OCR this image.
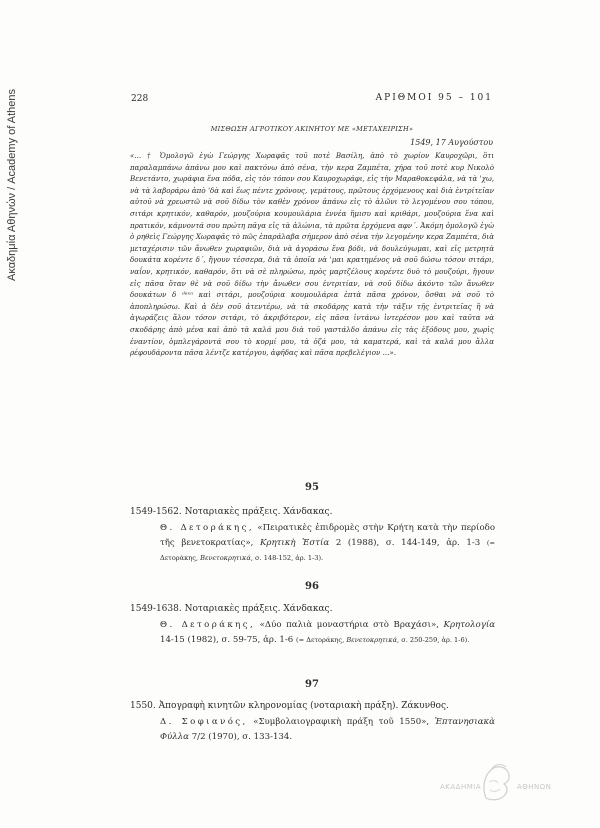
Ακαδημία Αθηνών / Academy of Athens	228	ΑΡΙΘΜΟΙ 95 – 101
ΜΙΣΘΩΣΗ ΑΓΡΟΤΙΚΟΥ ΑΚΙΝΗΤΟΥ ΜΕ «ΜΕΤΑΧΕΙΡΙΣΗ»
1549, 17 Αυγούστου

«... † Ὁμολογῶ ἐγὼ Γεώργης Χωραφᾶς τοῦ ποτὲ Βασίλη, ἀπὸ τὸ χωρίον Καυροχῶρι, ὅτι παραλαμπάνω ἀπάνω μου καὶ πακτόνω ἀπὸ σένα, τὴν κερα Ζαμπέτα, χήρα τοῦ ποτὲ κυρ Νικολὸ Βενετάντο, χωράφια ἕνα πόδα, εἰς τὸν τόπον σου Καυροχωράφι, εἰς τὴν Μαραθοκεφάλα, νὰ τὰ 'χω, νὰ τὰ λαβοράρω ἀπὸ 'δὰ καὶ ἕως πέντε χρόνους, γεμάτους, πρῶτους ἐρχόμενους καὶ διὰ ἐντρίτεῖαν αὐτοῦ νὰ χρεωστῶ νὰ σοῦ δίδω τὸν καθὲν χρόνον ἀπάνω εἰς τὸ ἀλῶνι τὸ λεγομένου σου τόπου, σιτάρι κρητικόν, καθαρόν, μουζούρια κουμουλάρια ἐννέα ἥμισυ καὶ κριθάρι, μουζούρια ἕνα καὶ πρατικόν, κάμνοντά σου πρώτη πᾶγα εἰς τὰ ἀλώνια, τὰ πρῶτα ἐρχόμενα αφν´. Ἀκόμη ὁμολογῶ ἐγὼ ὁ ρηθεὶς Γεώργης Χωραφᾶς τὸ πῶς ἐπαράλαβα σήμερον ἀπὸ σένα τὴν λεγομένην κερα Ζαμπέτα, διὰ μεταχέρισιν τῶν ἄνωθεν χωραφιῶν, διὰ νὰ ἀγοράσω ἕνα βόδι, νὰ δουλεύγωμαι, καὶ εἰς μετρητὰ δουκάτα κορέντε δ´, ἤγουν τέσσερα, διὰ τὰ ὁποῖα νὰ 'μαι κρατημένος νὰ σοῦ δώσω τόσον σιτάρι, ναΐον, κρητικόν, καθαρόν, ὅτι νὰ σὲ πληρώσω, πρὸς μαρτζέλους κορέντε δυὸ τὸ μουζούρι, ἤγουν εἰς πᾶσα ὅταν θὲ νὰ σοῦ δίδω τὴν ἄνωθεν σου ἐντριτίαν, νὰ σοῦ δίδω ἀκόντο τῶν ἄνωθεν δουκάτων δ ᵈᵉˣⁿ καὶ σιτάρι, μουζούρια κουμουλάρια ἑπτὰ πᾶσα χρόνον, ὅσθαι νὰ σοῦ τὸ ἀποπληρώσω. Καὶ ἀ δὲν σοῦ ἀτεντέρω, νὰ τὰ σκοδάρης κατὰ τὴν τάξιν τῆς ἐντριτεῖας ἢ νὰ ἀγωράζεις ἄλον τόσον σιτάρι, τὸ ἀκριβότερον, εἰς πᾶσα ἰντάνω ἰντερέσον μου καὶ ταῦτα νὰ σκοδάρης ἀπὸ μένα καὶ ἀπὸ τὰ καλά μου διὰ τοῦ γαστάλδο ἀπάνω εἰς τὰς ἐξόδους μου, χωρὶς ἐναντίον, ὀμπλεγάροντά σου τὸ κορμί μου, τὰ ὀζά μου, τὰ καματερά, καὶ τὰ καλά μου ἄλλα ρέφουδάροντα πᾶσα λέντζε κατέργου, ἀφῆδας καὶ πᾶσα πρεβελέγιον ...».

95
1549-1562. Νοταριακὲς πράξεις. Χάνδακας.

Θ. Δετοράκης, «Πειρατικὲς ἐπιδρομὲς στὴν Κρήτη κατὰ τὴν περίοδο τῆς βενετοκρατίας», Κρητικὴ Ἑστία 2 (1988), σ. 144-149, ἀρ. 1-3 (= Δετοράκης, Βενετοκρητικά, σ. 148-152, ἀρ. 1-3).

96
1549-1638. Νοταριακὲς πράξεις. Χάνδακας.

Θ. Δετοράκης, «Δύο παλιὰ μοναστήρια στὸ Βραχάσι», Κρητολογία 14-15 (1982), σ. 59-75, ἀρ. 1-6 (= Δετοράκης, Βενετοκρητικά, σ. 250-259, ἀρ. 1-6).

97
1550. Ἀπογραφὴ κινητῶν κληρονομίας (νοταριακὴ πράξη). Ζάκυνθος.

Δ. Σοφιανός, «Συμβολαιογραφικὴ πράξη τοῦ 1550», Ἑπτανησιακὰ Φύλλα 7/2 (1970), σ. 133-134.

ΑΚΑΔΗΜΙΑ	ΑΘΗΝΩΝ
